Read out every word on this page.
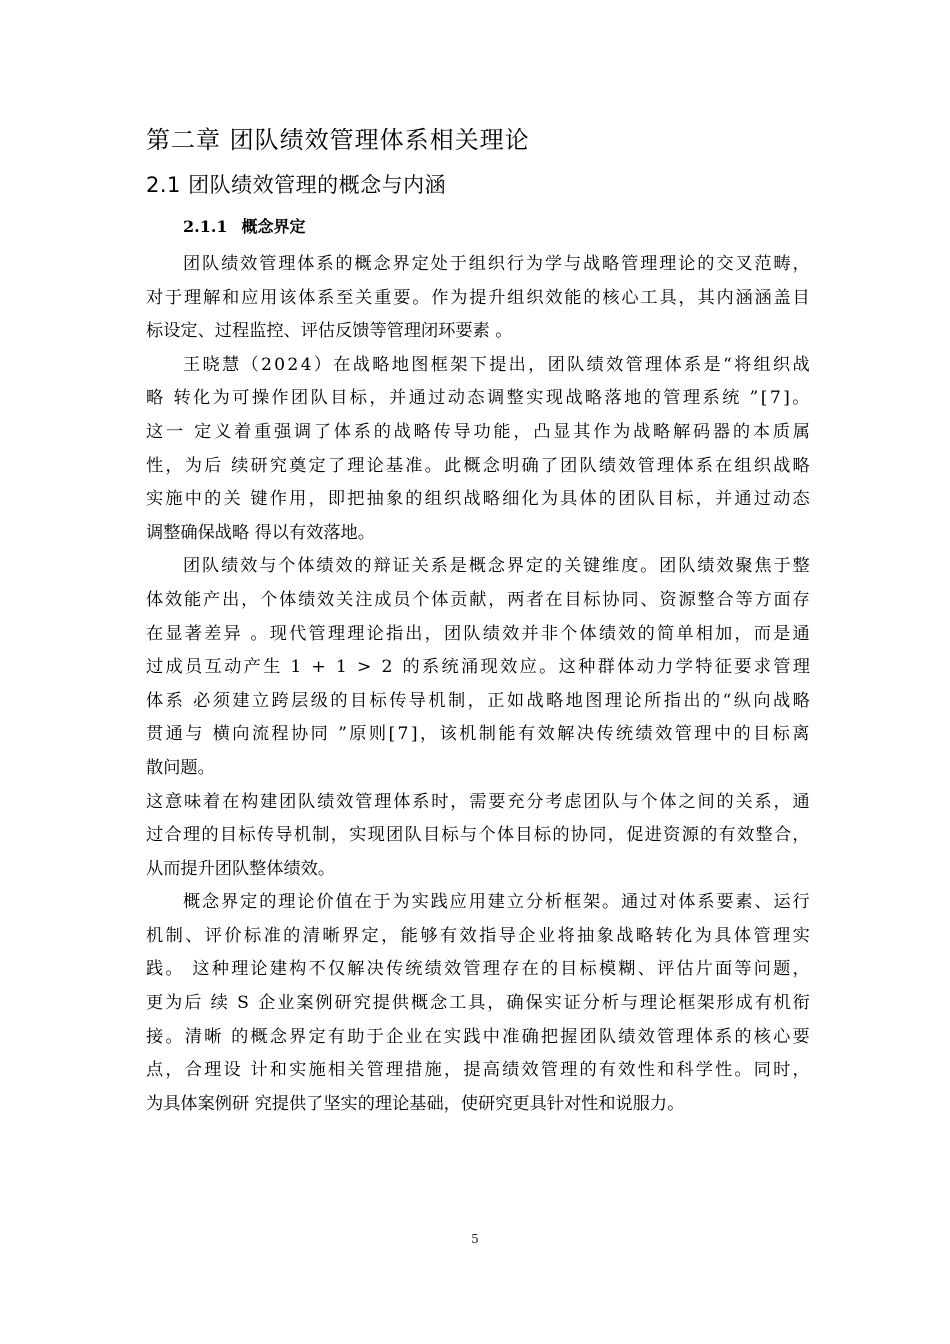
第二章 团队绩效管理体系相关理论
2.1 团队绩效管理的概念与内涵
2.1.1 概念界定
团 队 绩 效 管 理 体 系 的 概 念 界 定 处 于 组 织 行 为 学 与 战 略 管 理 理 论 的 交 叉 范 畴 ，
对 于 理 解 和 应 用 该 体 系 至 关 重 要 。 作 为 提 升 组 织 效 能 的 核 心 工 具 ， 其 内 涵 涵 盖 目
标设定、过程监控、评估反馈等管理闭环要素 。
王 晓 慧 （ 2 0 2 4 ） 在 战 略 地 图 框 架 下 提 出 ， 团 队 绩 效 管 理 体 系 是 “ 将 组 织 战
略
转 化 为 可 操 作 团 队 目 标 ， 并 通 过 动 态 调 整 实 现 战 略 落 地 的 管 理 系 统
” [ 7 ] 。
这 一
定 义 着 重 强 调 了 体 系 的 战 略 传 导 功 能 ， 凸 显 其 作 为 战 略 解 码 器 的 本 质 属
性 ， 为 后
续 研 究 奠 定 了 理 论 基 准 。 此 概 念 明 确 了 团 队 绩 效 管 理 体 系 在 组 织 战 略
实 施 中 的 关
键 作 用 ， 即 把 抽 象 的 组 织 战 略 细 化 为 具 体 的 团 队 目 标 ， 并 通 过 动 态
调整确保战略 得以有效落地。
团 队 绩 效 与 个 体 绩 效 的 辩 证 关 系 是 概 念 界 定 的 关 键 维 度 。 团 队 绩 效 聚 焦 于 整
体 效 能 产 出 ， 个 体 绩 效 关 注 成 员 个 体 贡 献 ， 两 者 在 目 标 协 同 、 资 源 整 合 等 方 面 存
在 显 著 差 异
。 现 代 管 理 理 论 指 出 ， 团 队 绩 效 并 非 个 体 绩 效 的 简 单 相 加 ， 而 是 通
过 成 员 互 动 产 生
1
+
1
>
2
的 系 统 涌 现 效 应 。 这 种 群 体 动 力 学 特 征 要 求 管 理
体 系
必 须 建 立 跨 层 级 的 目 标 传 导 机 制 ， 正 如 战 略 地 图 理 论 所 指 出 的 “ 纵 向 战 略
贯 通 与
横 向 流 程 协 同
” 原 则 [ 7 ] ， 该 机 制 能 有 效 解 决 传 统 绩 效 管 理 中 的 目 标 离
散问题。
这 意 味 着 在 构 建 团 队 绩 效 管 理 体 系 时 ， 需 要 充 分 考 虑 团 队 与 个 体 之 间 的 关 系 ， 通
过 合 理 的 目 标 传 导 机 制 ， 实 现 团 队 目 标 与 个 体 目 标 的 协 同 ， 促 进 资 源 的 有 效 整 合 ，
从而提升团队整体绩效。
概 念 界 定 的 理 论 价 值 在 于 为 实 践 应 用 建 立 分 析 框 架 。 通 过 对 体 系 要 素 、 运 行
机 制 、 评 价 标 准 的 清 晰 界 定 ， 能 够 有 效 指 导 企 业 将 抽 象 战 略 转 化 为 具 体 管 理 实
践 。
这 种 理 论 建 构 不 仅 解 决 传 统 绩 效 管 理 存 在 的 目 标 模 糊 、 评 估 片 面 等 问 题 ，
更 为 后
续
S
企 业 案 例 研 究 提 供 概 念 工 具 ， 确 保 实 证 分 析 与 理 论 框 架 形 成 有 机 衔
接 。 清 晰
的 概 念 界 定 有 助 于 企 业 在 实 践 中 准 确 把 握 团 队 绩 效 管 理 体 系 的 核 心 要
点 ， 合 理 设
计 和 实 施 相 关 管 理 措 施 ， 提 高 绩 效 管 理 的 有 效 性 和 科 学 性 。 同 时 ，
为具体案例研 究提供了坚实的理论基础，使研究更具针对性和说服力。
5
